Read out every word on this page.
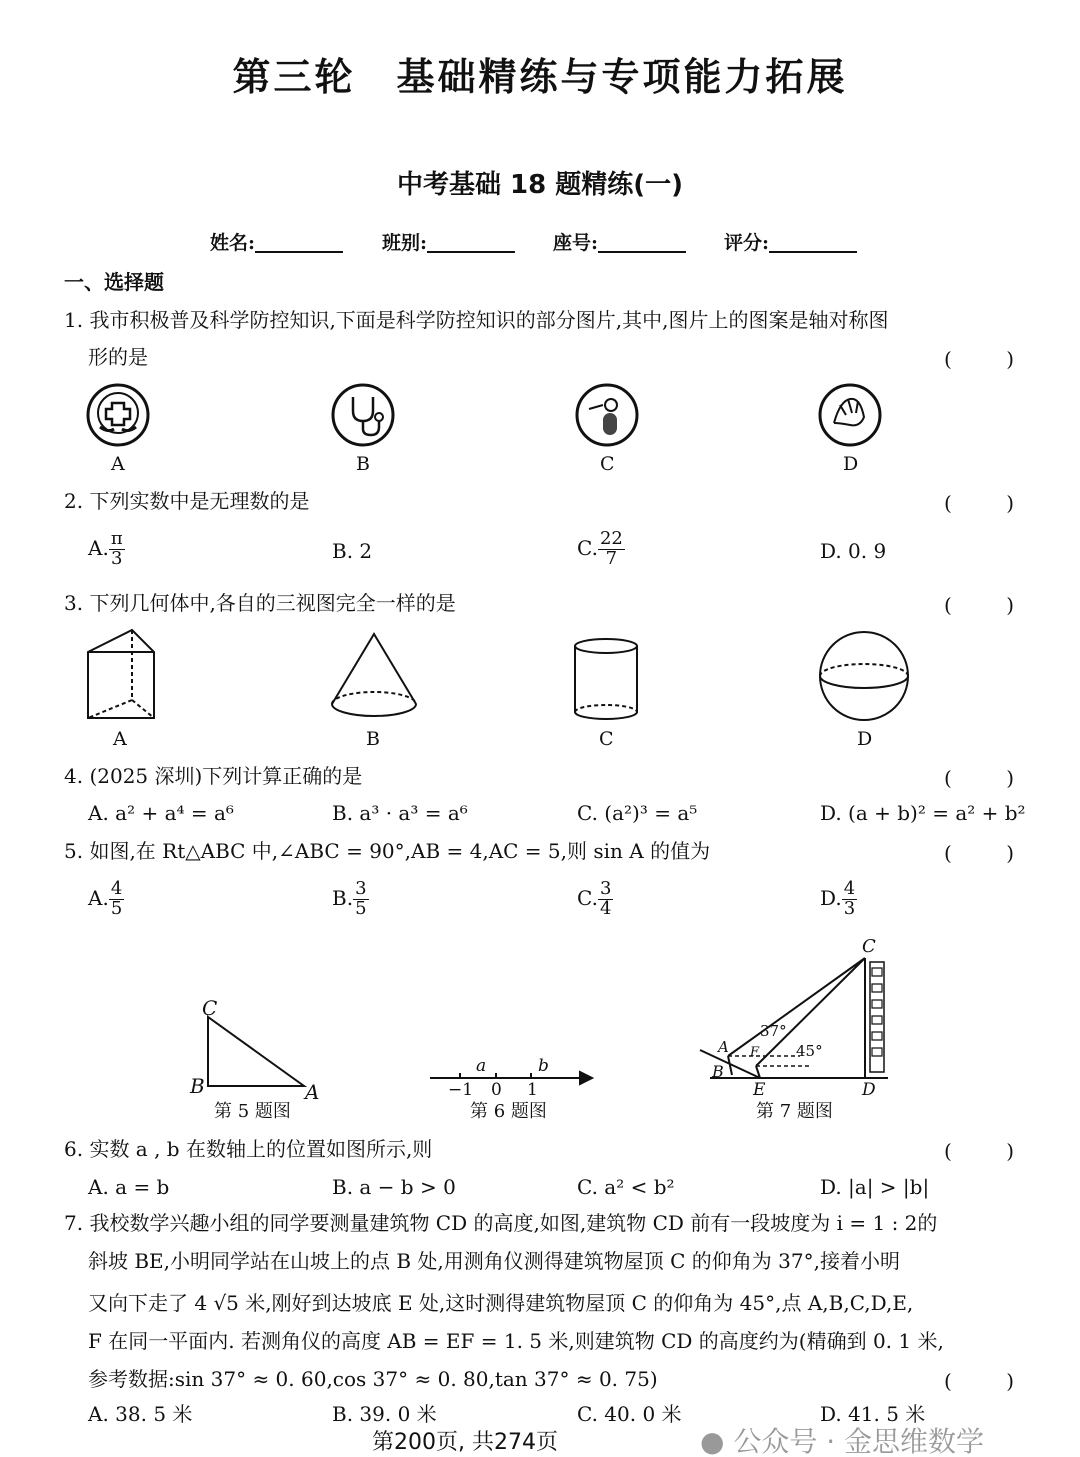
第三轮　基础精练与专项能力拓展
中考基础 18 题精练(一)
姓名:	班别:	座号:	评分:
一、选择题
1. 我市积极普及科学防控知识,下面是科学防控知识的部分图片,其中,图片上的图案是轴对称图
形的是	(	)
A	B	C	D
2. 下列实数中是无理数的是	(	)
A. $\frac{\pi}{3}$	B. 2	C. $\frac{22}{7}$	D. 0. 9
3. 下列几何体中,各自的三视图完全一样的是	(	)
A	B	C	D
4. (2025 深圳)下列计算正确的是	(	)
A. a² + a⁴ = a⁶	B. a³ · a³ = a⁶	C. (a²)³ = a⁵	D. (a + b)² = a² + b²
5. 如图,在 Rt△ABC 中,∠ABC = 90°,AB = 4,AC = 5,则 sin A 的值为	(	)
A. $\frac{4}{5}$	B. $\frac{3}{5}$	C. $\frac{3}{4}$	D. $\frac{4}{3}$
C
B	A
第 5 题图
a	b
−1 0 1
第 6 题图
C
A F
B
E	D
37°
45°
第 7 题图
6. 实数 a , b 在数轴上的位置如图所示,则	(	)
A. a = b	B. a − b > 0	C. a² < b²	D. |a| > |b|
7. 我校数学兴趣小组的同学要测量建筑物 CD 的高度,如图,建筑物 CD 前有一段坡度为 i = 1 : 2的
斜坡 BE,小明同学站在山坡上的点 B 处,用测角仪测得建筑物屋顶 C 的仰角为 37°,接着小明
又向下走了 4 √5 米,刚好到达坡底 E 处,这时测得建筑物屋顶 C 的仰角为 45°,点 A,B,C,D,E,
F 在同一平面内. 若测角仪的高度 AB = EF = 1. 5 米,则建筑物 CD 的高度约为(精确到 0. 1 米,
参考数据:sin 37° ≈ 0. 60,cos 37° ≈ 0. 80,tan 37° ≈ 0. 75)	(	)
A. 38. 5 米	B. 39. 0 米	C. 40. 0 米	D. 41. 5 米
第200页, 共274页	● 公众号 · 金思维数学
